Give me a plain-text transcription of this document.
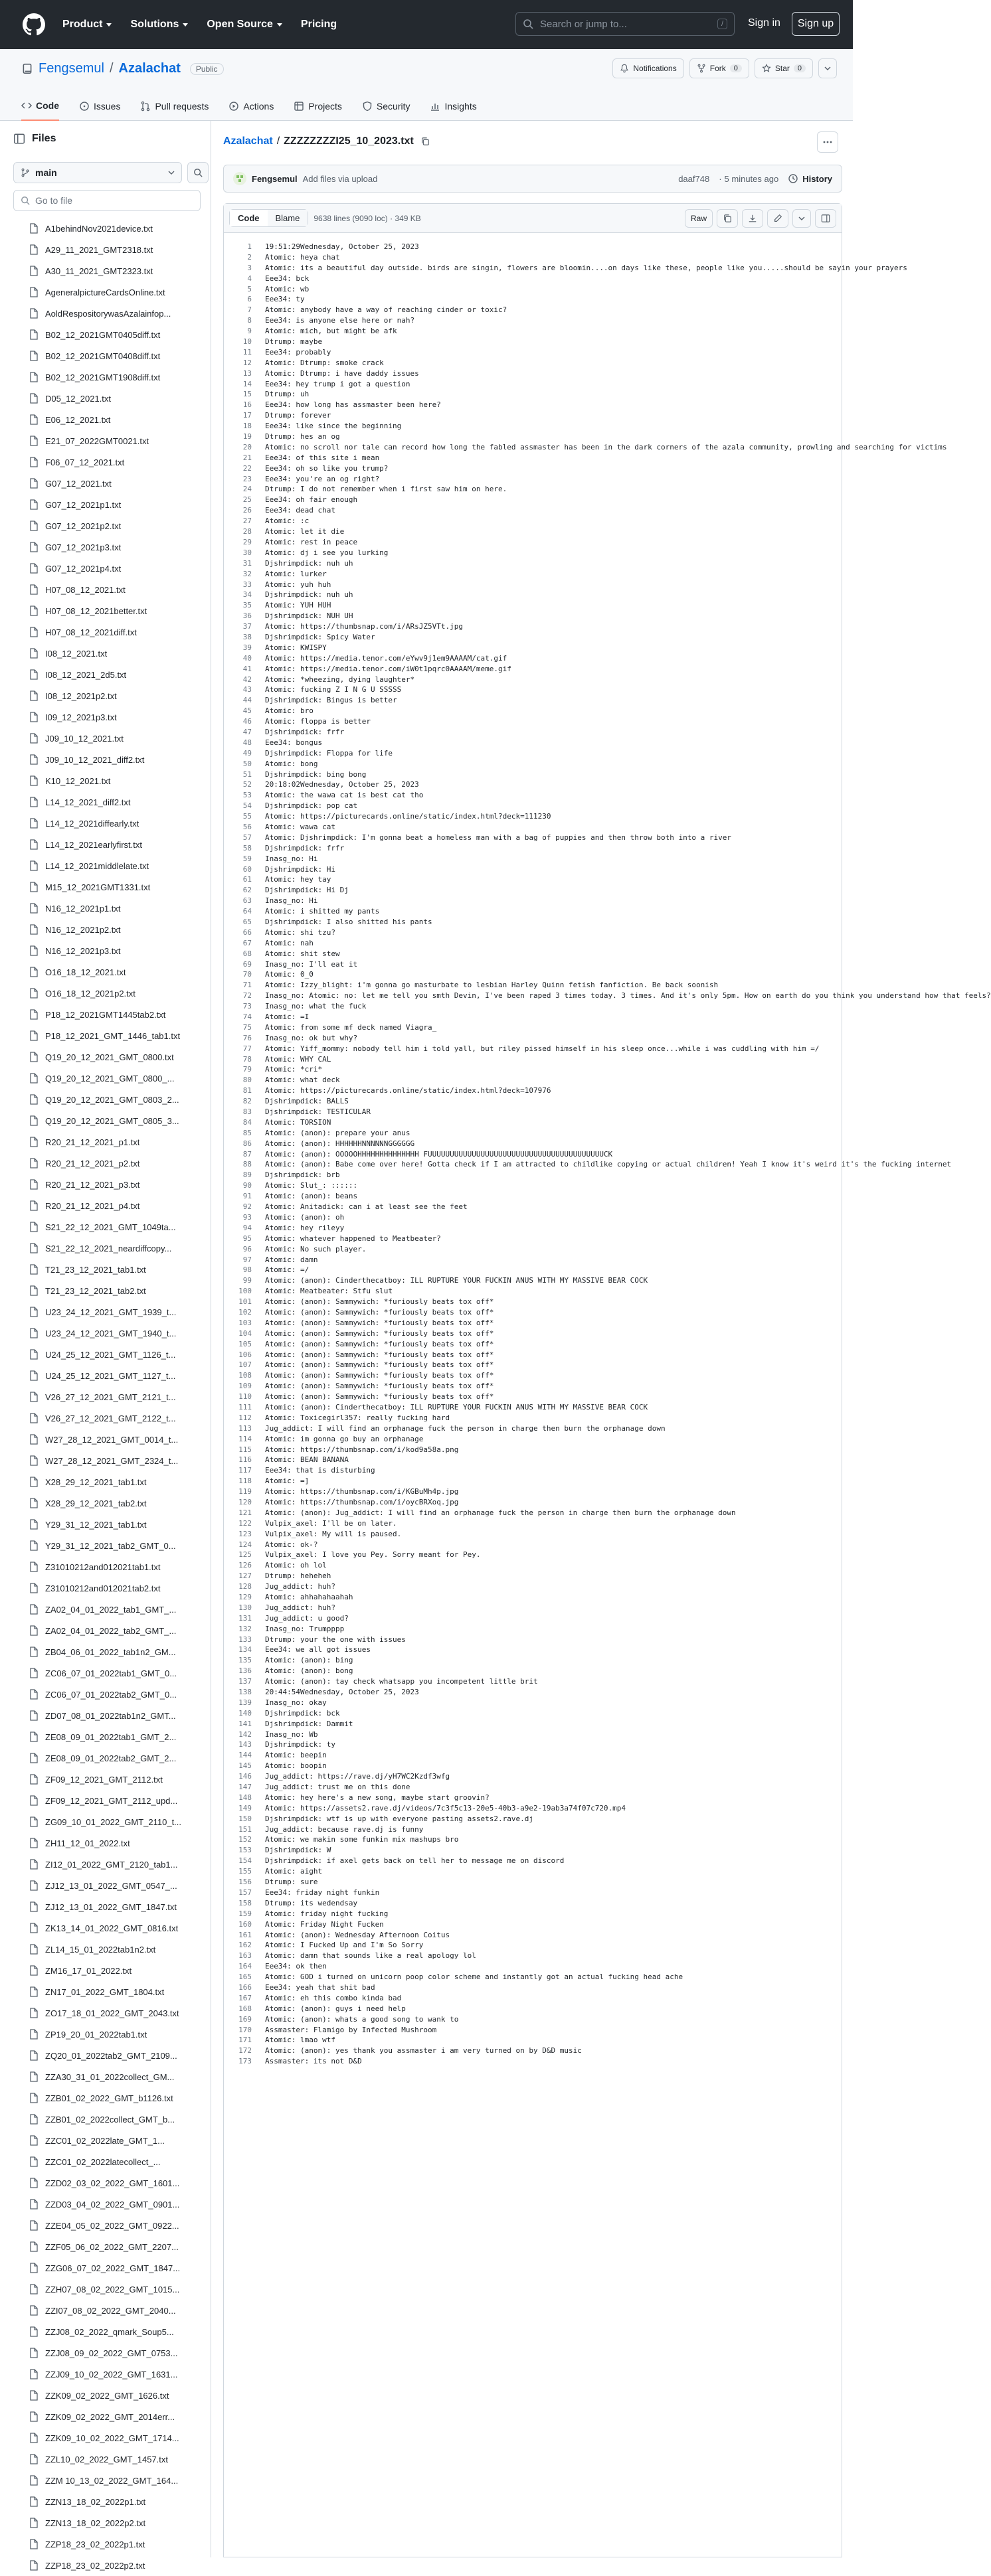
Product	Solutions	Open Source	Pricing	Search or jump to...	/	Sign in	Sign up
Fengsemul / Azalachat	Public	Notifications	Fork	0	Star	0
Code	Issues	Pull requests	Actions	Projects	Security	Insights
Files
main
Go to file
A1behindNov2021device.txt
A29_11_2021_GMT2318.txt
A30_11_2021_GMT2323.txt
AgeneralpictureCardsOnline.txt
AoldRespositorywasAzalainfop...
B02_12_2021GMT0405diff.txt
B02_12_2021GMT0408diff.txt
B02_12_2021GMT1908diff.txt
D05_12_2021.txt
E06_12_2021.txt
E21_07_2022GMT0021.txt
F06_07_12_2021.txt
G07_12_2021.txt
G07_12_2021p1.txt
G07_12_2021p2.txt
G07_12_2021p3.txt
G07_12_2021p4.txt
H07_08_12_2021.txt
H07_08_12_2021better.txt
H07_08_12_2021diff.txt
I08_12_2021.txt
I08_12_2021_2d5.txt
I08_12_2021p2.txt
I09_12_2021p3.txt
J09_10_12_2021.txt
J09_10_12_2021_diff2.txt
K10_12_2021.txt
L14_12_2021_diff2.txt
L14_12_2021diffearly.txt
L14_12_2021earlyfirst.txt
L14_12_2021middlelate.txt
M15_12_2021GMT1331.txt
N16_12_2021p1.txt
N16_12_2021p2.txt
N16_12_2021p3.txt
O16_18_12_2021.txt
O16_18_12_2021p2.txt
P18_12_2021GMT1445tab2.txt
P18_12_2021_GMT_1446_tab1.txt
Q19_20_12_2021_GMT_0800.txt
Q19_20_12_2021_GMT_0800_...
Q19_20_12_2021_GMT_0803_2...
Q19_20_12_2021_GMT_0805_3...
R20_21_12_2021_p1.txt
R20_21_12_2021_p2.txt
R20_21_12_2021_p3.txt
R20_21_12_2021_p4.txt
S21_22_12_2021_GMT_1049ta...
S21_22_12_2021_neardiffcopy...
T21_23_12_2021_tab1.txt
T21_23_12_2021_tab2.txt
U23_24_12_2021_GMT_1939_t...
U23_24_12_2021_GMT_1940_t...
U24_25_12_2021_GMT_1126_t...
U24_25_12_2021_GMT_1127_t...
V26_27_12_2021_GMT_2121_t...
V26_27_12_2021_GMT_2122_t...
W27_28_12_2021_GMT_0014_t...
W27_28_12_2021_GMT_2324_t...
X28_29_12_2021_tab1.txt
X28_29_12_2021_tab2.txt
Y29_31_12_2021_tab1.txt
Y29_31_12_2021_tab2_GMT_0...
Z31010212and012021tab1.txt
Z31010212and012021tab2.txt
ZA02_04_01_2022_tab1_GMT_...
ZA02_04_01_2022_tab2_GMT_...
ZB04_06_01_2022_tab1n2_GM...
ZC06_07_01_2022tab1_GMT_0...
ZC06_07_01_2022tab2_GMT_0...
ZD07_08_01_2022tab1n2_GMT...
ZE08_09_01_2022tab1_GMT_2...
ZE08_09_01_2022tab2_GMT_2...
ZF09_12_2021_GMT_2112.txt
ZF09_12_2021_GMT_2112_upd...
ZG09_10_01_2022_GMT_2110_t...
ZH11_12_01_2022.txt
ZI12_01_2022_GMT_2120_tab1...
ZJ12_13_01_2022_GMT_0547_...
ZJ12_13_01_2022_GMT_1847.txt
ZK13_14_01_2022_GMT_0816.txt
ZL14_15_01_2022tab1n2.txt
ZM16_17_01_2022.txt
ZN17_01_2022_GMT_1804.txt
ZO17_18_01_2022_GMT_2043.txt
ZP19_20_01_2022tab1.txt
ZQ20_01_2022tab2_GMT_2109...
ZZA30_31_01_2022collect_GM...
ZZB01_02_2022_GMT_b1126.txt
ZZB01_02_2022collect_GMT_b...
ZZC01_02_2022late_GMT_1...
ZZC01_02_2022latecollect_...
ZZD02_03_02_2022_GMT_1601...
ZZD03_04_02_2022_GMT_0901...
ZZE04_05_02_2022_GMT_0922...
ZZF05_06_02_2022_GMT_2207...
ZZG06_07_02_2022_GMT_1847...
ZZH07_08_02_2022_GMT_1015...
ZZI07_08_02_2022_GMT_2040...
ZZJ08_02_2022_qmark_Soup5...
ZZJ08_09_02_2022_GMT_0753...
ZZJ09_10_02_2022_GMT_1631...
ZZK09_02_2022_GMT_1626.txt
ZZK09_02_2022_GMT_2014err...
ZZK09_10_02_2022_GMT_1714...
ZZL10_02_2022_GMT_1457.txt
ZZM 10_13_02_2022_GMT_164...
ZZN13_18_02_2022p1.txt
ZZN13_18_02_2022p2.txt
ZZP18_23_02_2022p1.txt
ZZP18_23_02_2022p2.txt
Azalachat / ZZZZZZZZI25_10_2023.txt
Fengsemul Add files via upload	daaf748 · 5 minutes ago	History
Code	Blame	9638 lines (9090 loc) · 349 KB	Raw
1	19:51:29Wednesday, October 25, 2023
2	Atomic: heya chat
3	Atomic: its a beautiful day outside. birds are singin, flowers are bloomin....on days like these, people like you.....should be sayin your prayers
4	Eee34: bck
5	Atomic: wb
6	Eee34: ty
7	Atomic: anybody have a way of reaching cinder or toxic?
8	Eee34: is anyone else here or nah?
9	Atomic: mich, but might be afk
10	Dtrump: maybe
11	Eee34: probably
12	Atomic: Dtrump: smoke crack
13	Atomic: Dtrump: i have daddy issues
14	Eee34: hey trump i got a question
15	Dtrump: uh
16	Eee34: how long has assmaster been here?
17	Dtrump: forever
18	Eee34: like since the beginning
19	Dtrump: hes an og
20	Atomic: no scroll nor tale can record how long the fabled assmaster has been in the dark corners of the azala community, prowling and searching for victims
21	Eee34: of this site i mean
22	Eee34: oh so like you trump?
23	Eee34: you're an og right?
24	Dtrump: I do not remember when i first saw him on here.
25	Eee34: oh fair enough
26	Eee34: dead chat
27	Atomic: :c
28	Atomic: let it die
29	Atomic: rest in peace
30	Atomic: dj i see you lurking
31	Djshrimpdick: nuh uh
32	Atomic: lurker
33	Atomic: yuh huh
34	Djshrimpdick: nuh uh
35	Atomic: YUH HUH
36	Djshrimpdick: NUH UH
37	Atomic: https://thumbsnap.com/i/ARsJZ5VTt.jpg
38	Djshrimpdick: Spicy Water
39	Atomic: KWISPY
40	Atomic: https://media.tenor.com/eYwv9j1em9AAAAM/cat.gif
41	Atomic: https://media.tenor.com/iW0t1pqrc0AAAAM/meme.gif
42	Atomic: *wheezing, dying laughter*
43	Atomic: fucking Z I N G U SSSSS
44	Djshrimpdick: Bingus is better
45	Atomic: bro
46	Atomic: floppa is better
47	Djshrimpdick: frfr
48	Eee34: bongus
49	Djshrimpdick: Floppa for life
50	Atomic: bong
51	Djshrimpdick: bing bong
52	20:18:02Wednesday, October 25, 2023
53	Atomic: the wawa cat is best cat tho
54	Djshrimpdick: pop cat
55	Atomic: https://picturecards.online/static/index.html?deck=111230
56	Atomic: wawa cat
57	Atomic: Djshrimpdick: I'm gonna beat a homeless man with a bag of puppies and then throw both into a river
58	Djshrimpdick: frfr
59	Inasg_no: Hi
60	Djshrimpdick: Hi
61	Atomic: hey tay
62	Djshrimpdick: Hi Dj
63	Inasg_no: Hi
64	Atomic: i shitted my pants
65	Djshrimpdick: I also shitted his pants
66	Atomic: shi tzu?
67	Atomic: nah
68	Atomic: shit stew
69	Inasg_no: I'll eat it
70	Atomic: 0_0
71	Atomic: Izzy_blight: i'm gonna go masturbate to lesbian Harley Quinn fetish fanfiction. Be back soonish
72	Inasg_no: Atomic: no: let me tell you smth Devin, I've been raped 3 times today. 3 times. And it's only 5pm. How on earth do you think you understand how that feels?
73	Inasg_no: what the fuck
74	Atomic: =I
75	Atomic: from some mf deck named Viagra_
76	Inasg_no: ok but why?
77	Atomic: Yiff_mommy: nobody tell him i told yall, but riley pissed himself in his sleep once...while i was cuddling with him =/
78	Atomic: WHY CAL
79	Atomic: *cri*
80	Atomic: what deck
81	Atomic: https://picturecards.online/static/index.html?deck=107976
82	Djshrimpdick: BALLS
83	Djshrimpdick: TESTICULAR
84	Atomic: TORSION
85	Atomic: (anon): prepare your anus
86	Atomic: (anon): HHHHHHNNNNNNGGGGGG
87	Atomic: (anon): OOOOOHHHHHHHHHHHHHH FUUUUUUUUUUUUUUUUUUUUUUUUUUUUUUUUUUUUUUUUCK
88	Atomic: (anon): Babe come over here! Gotta check if I am attracted to childlike copying or actual children! Yeah I know it's weird it's the fucking internet
89	Djshrimpdick: brb
90	Atomic: Slut_: ::::::
91	Atomic: (anon): beans
92	Atomic: Anitadick: can i at least see the feet
93	Atomic: (anon): oh
94	Atomic: hey rileyy
95	Atomic: whatever happened to Meatbeater?
96	Atomic: No such player.
97	Atomic: damn
98	Atomic: =/
99	Atomic: (anon): Cinderthecatboy: ILL RUPTURE YOUR FUCKIN ANUS WITH MY MASSIVE BEAR COCK
100	Atomic: Meatbeater: Stfu slut
101	Atomic: (anon): Sammywich: *furiously beats tox off*
102	Atomic: (anon): Sammywich: *furiously beats tox off*
103	Atomic: (anon): Sammywich: *furiously beats tox off*
104	Atomic: (anon): Sammywich: *furiously beats tox off*
105	Atomic: (anon): Sammywich: *furiously beats tox off*
106	Atomic: (anon): Sammywich: *furiously beats tox off*
107	Atomic: (anon): Sammywich: *furiously beats tox off*
108	Atomic: (anon): Sammywich: *furiously beats tox off*
109	Atomic: (anon): Sammywich: *furiously beats tox off*
110	Atomic: (anon): Sammywich: *furiously beats tox off*
111	Atomic: (anon): Cinderthecatboy: ILL RUPTURE YOUR FUCKIN ANUS WITH MY MASSIVE BEAR COCK
112	Atomic: Toxicegirl357: really fucking hard
113	Jug_addict: I will find an orphanage fuck the person in charge then burn the orphanage down
114	Atomic: im gonna go buy an orphanage
115	Atomic: https://thumbsnap.com/i/kod9a58a.png
116	Atomic: BEAN BANANA
117	Eee34: that is disturbing
118	Atomic: =]
119	Atomic: https://thumbsnap.com/i/KGBuMh4p.jpg
120	Atomic: https://thumbsnap.com/i/oycBRXoq.jpg
121	Atomic: (anon): Jug_addict: I will find an orphanage fuck the person in charge then burn the orphanage down
122	Vulpix_axel: I'll be on later.
123	Vulpix_axel: My will is paused.
124	Atomic: ok-?
125	Vulpix_axel: I love you Pey. Sorry meant for Pey.
126	Atomic: oh lol
127	Dtrump: heheheh
128	Jug_addict: huh?
129	Atomic: ahhahahaahah
130	Jug_addict: huh?
131	Jug_addict: u good?
132	Inasg_no: Trumpppp
133	Dtrump: your the one with issues
134	Eee34: we all got issues
135	Atomic: (anon): bing
136	Atomic: (anon): bong
137	Atomic: (anon): tay check whatsapp you incompetent little brit
138	20:44:54Wednesday, October 25, 2023
139	Inasg_no: okay
140	Djshrimpdick: bck
141	Djshrimpdick: Dammit
142	Inasg_no: Wb
143	Djshrimpdick: ty
144	Atomic: beepin
145	Atomic: boopin
146	Jug_addict: https://rave.dj/yH7WC2Kzdf3wfg
147	Jug_addict: trust me on this done
148	Atomic: hey here's a new song, maybe start groovin?
149	Atomic: https://assets2.rave.dj/videos/7c3f5c13-20e5-40b3-a9e2-19ab3a74f07c720.mp4
150	Djshrimpdick: wtf is up with everyone pasting assets2.rave.dj
151	Jug_addict: because rave.dj is funny
152	Atomic: we makin some funkin mix mashups bro
153	Djshrimpdick: W
154	Djshrimpdick: if axel gets back on tell her to message me on discord
155	Atomic: aight
156	Dtrump: sure
157	Eee34: friday night funkin
158	Dtrump: its wedendsay
159	Atomic: friday night fucking
160	Atomic: Friday Night Fucken
161	Atomic: (anon): Wednesday Afternoon Coitus
162	Atomic: I Fucked Up and I'm So Sorry
163	Atomic: damn that sounds like a real apology lol
164	Eee34: ok then
165	Atomic: GOD i turned on unicorn poop color scheme and instantly got an actual fucking head ache
166	Eee34: yeah that shit bad
167	Atomic: eh this combo kinda bad
168	Atomic: (anon): guys i need help
169	Atomic: (anon): whats a good song to wank to
170	Assmaster: Flamigo by Infected Mushroom
171	Atomic: lmao wtf
172	Atomic: (anon): yes thank you assmaster i am very turned on by D&D music
173	Assmaster: its not D&D
